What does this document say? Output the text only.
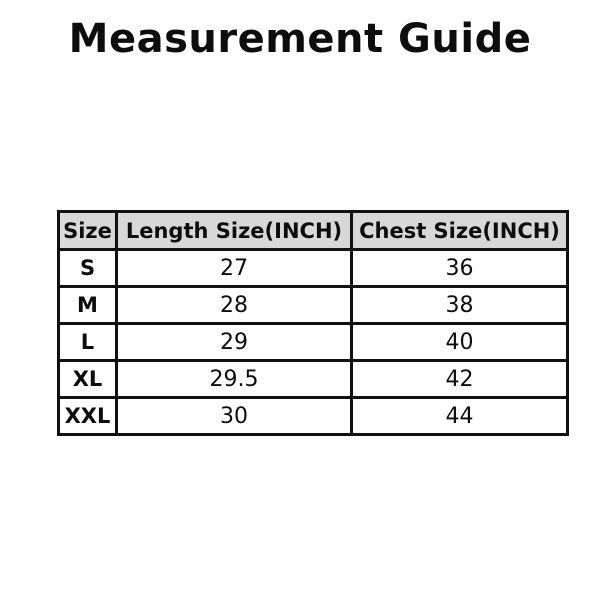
Measurement Guide
Size	Length Size(INCH)	Chest Size(INCH)
S	27	36
M	28	38
L	29	40
XL	29.5	42
XXL	30	44
